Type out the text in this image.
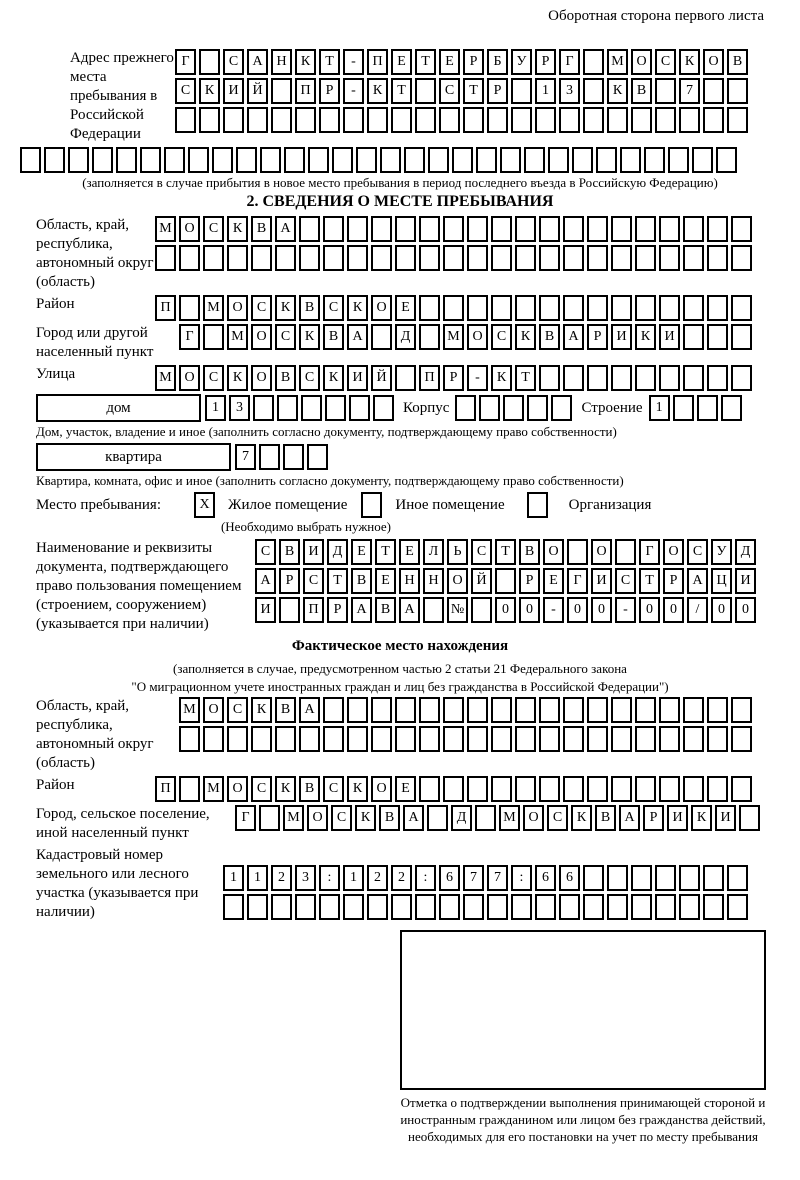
Оборотная сторона первого листа
Адрес прежнего места пребывания в Российской Федерации
Г	С	А Н	К	Т	-	П	Е	Т	Е	Р	Б	У	Р	Г	М О	С	К	О	В
С	К	И Й	П	Р	-	К	Т	С	Т	Р	1	3	К	В	7
(заполняется в случае прибытия в новое место пребывания в период последнего въезда в Российскую Федерацию)
2. СВЕДЕНИЯ О МЕСТЕ ПРЕБЫВАНИЯ
Область, край, республика, автономный округ (область)
М О	С	К	В	А
Район	П	М О	С	К	В	С	К	О	Е
Город или другой населенный пункт
Г	М О	С	К	В	А	Д	М О	С	К	В	А	Р	И	К	И
Улица	М О	С	К	О	В	С	К	И Й	П	Р	-	К	Т
дом	1	3	Корпус	Строение 1
Дом, участок, владение и иное (заполнить согласно документу, подтверждающему право собственности)
квартира	7
Квартира, комната, офис и иное (заполнить согласно документу, подтверждающему право собственности)
Место пребывания:	X	Жилое помещение	Иное помещение	Организация
(Необходимо выбрать нужное)
Наименование и реквизиты документа, подтверждающего право пользования помещением (строением, сооружением) (указывается при наличии)
С	В	И	Д	Е	Т	Е	Л	Ь	С	Т	В	О	О	Г	О	С	У	Д
А	Р	С	Т	В	Е	Н Н О Й	Р	Е	Г	И	С	Т	Р	А Ц И
И	П	Р	А	В	А	№	0	0	-	0	0	-	0	0	/	0	0
Фактическое место нахождения
(заполняется в случае, предусмотренном частью 2 статьи 21 Федерального закона
"О миграционном учете иностранных граждан и лиц без гражданства в Российской Федерации")
Область, край, республика, автономный округ (область)
М О	С	К	В	А
Район	П	М О	С	К	В	С	К	О	Е
Город, сельское поселение, иной населенный пункт
Г	М О	С	К	В	А	Д	М О	С	К	В	А	Р	И	К	И
Кадастровый номер земельного или лесного участка (указывается при наличии)
1	1	2	3	:	1	2	2	:	6	7	7	:	6	6
Отметка о подтверждении выполнения принимающей стороной и иностранным гражданином или лицом без гражданства действий, необходимых для его постановки на учет по месту пребывания
